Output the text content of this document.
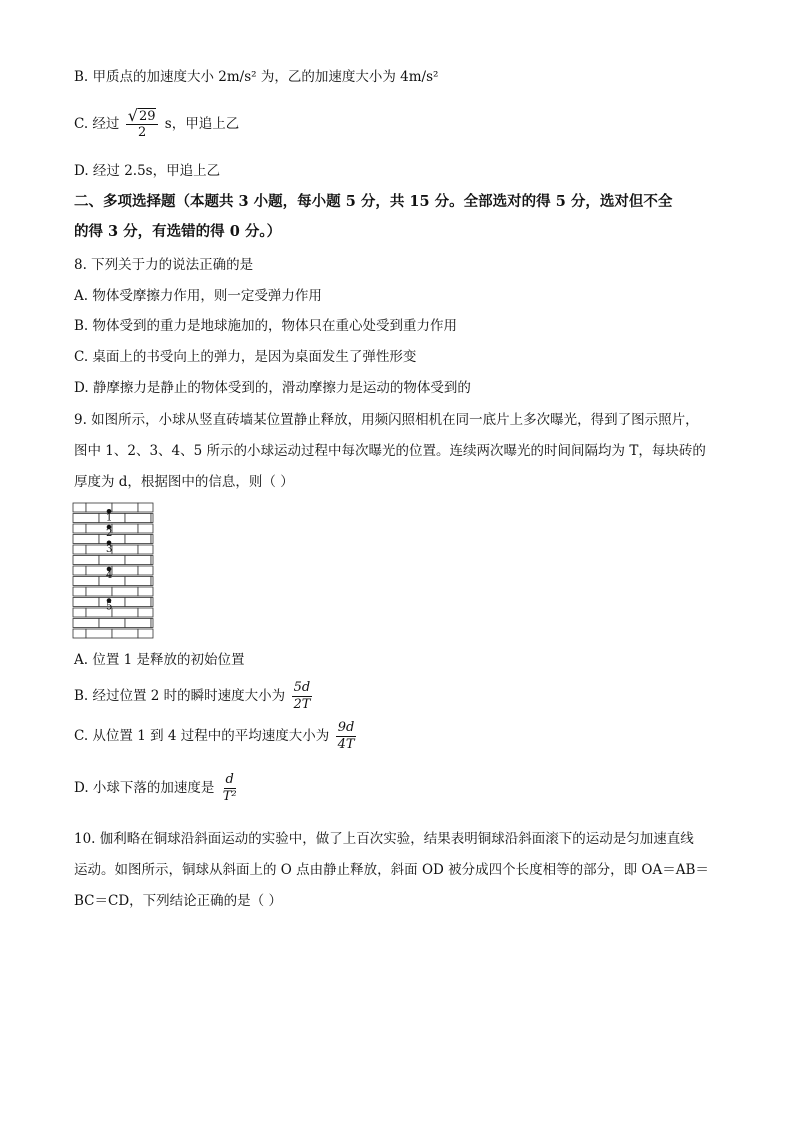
B. 甲质点的加速度大小 2m/s² 为，乙的加速度大小为 4m/s²
C. 经过 $\frac{√ 29}{2}$ s，甲追上乙
D. 经过 2.5s，甲追上乙
二、多项选择题（本题共 3 小题，每小题 5 分，共 15 分。全部选对的得 5 分，选对但不全
的得 3 分，有选错的得 0 分。）
8. 下列关于力的说法正确的是
A. 物体受摩擦力作用，则一定受弹力作用
B. 物体受到的重力是地球施加的，物体只在重心处受到重力作用
C. 桌面上的书受向上的弹力，是因为桌面发生了弹性形变
D. 静摩擦力是静止的物体受到的，滑动摩擦力是运动的物体受到的
9. 如图所示，小球从竖直砖墙某位置静止释放，用频闪照相机在同一底片上多次曝光，得到了图示照片，
图中 1、2、3、4、5 所示的小球运动过程中每次曝光的位置。连续两次曝光的时间间隔均为 T，每块砖的
厚度为 d，根据图中的信息，则（ ）
1
2
3
4
5
A. 位置 1 是释放的初始位置
B. 经过位置 2 时的瞬时速度大小为 $\frac{5d}{2T}$
C. 从位置 1 到 4 过程中的平均速度大小为 $\frac{9d}{4T}$
D. 小球下落的加速度是 $\frac{d}{\text{T²}}$
10. 伽利略在铜球沿斜面运动的实验中，做了上百次实验，结果表明铜球沿斜面滚下的运动是匀加速直线
运动。如图所示，铜球从斜面上的 O 点由静止释放，斜面 OD 被分成四个长度相等的部分，即 OA＝AB＝
BC＝CD，下列结论正确的是（ ）
